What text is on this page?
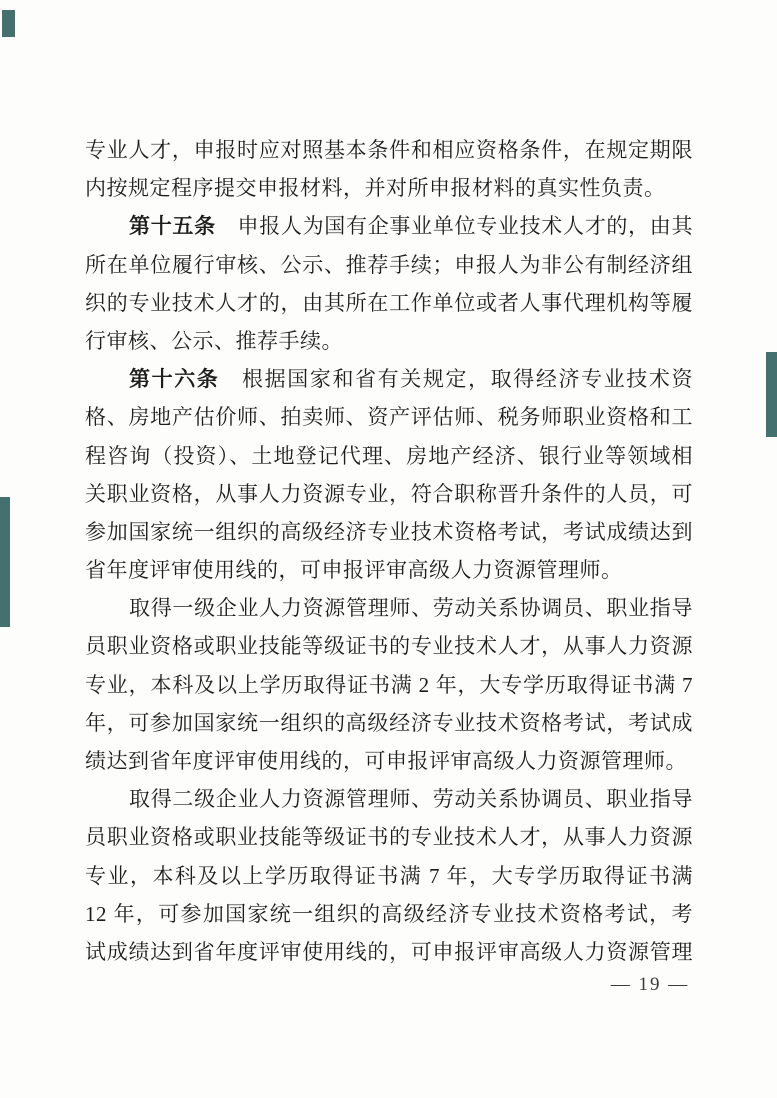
专业人才，申报时应对照基本条件和相应资格条件，在规定期限
内按规定程序提交申报材料，并对所申报材料的真实性负责。
第十五条　申报人为国有企事业单位专业技术人才的，由其
所在单位履行审核、公示、推荐手续；申报人为非公有制经济组
织的专业技术人才的，由其所在工作单位或者人事代理机构等履
行审核、公示、推荐手续。
第十六条　根据国家和省有关规定，取得经济专业技术资
格、房地产估价师、拍卖师、资产评估师、税务师职业资格和工
程咨询（投资）、土地登记代理、房地产经济、银行业等领域相
关职业资格，从事人力资源专业，符合职称晋升条件的人员，可
参加国家统一组织的高级经济专业技术资格考试，考试成绩达到
省年度评审使用线的，可申报评审高级人力资源管理师。
取得一级企业人力资源管理师、劳动关系协调员、职业指导
员职业资格或职业技能等级证书的专业技术人才，从事人力资源
专业，本科及以上学历取得证书满 2 年，大专学历取得证书满 7
年，可参加国家统一组织的高级经济专业技术资格考试，考试成
绩达到省年度评审使用线的，可申报评审高级人力资源管理师。
取得二级企业人力资源管理师、劳动关系协调员、职业指导
员职业资格或职业技能等级证书的专业技术人才，从事人力资源
专业，本科及以上学历取得证书满 7 年，大专学历取得证书满
12 年，可参加国家统一组织的高级经济专业技术资格考试，考
试成绩达到省年度评审使用线的，可申报评审高级人力资源管理
— 19 —
